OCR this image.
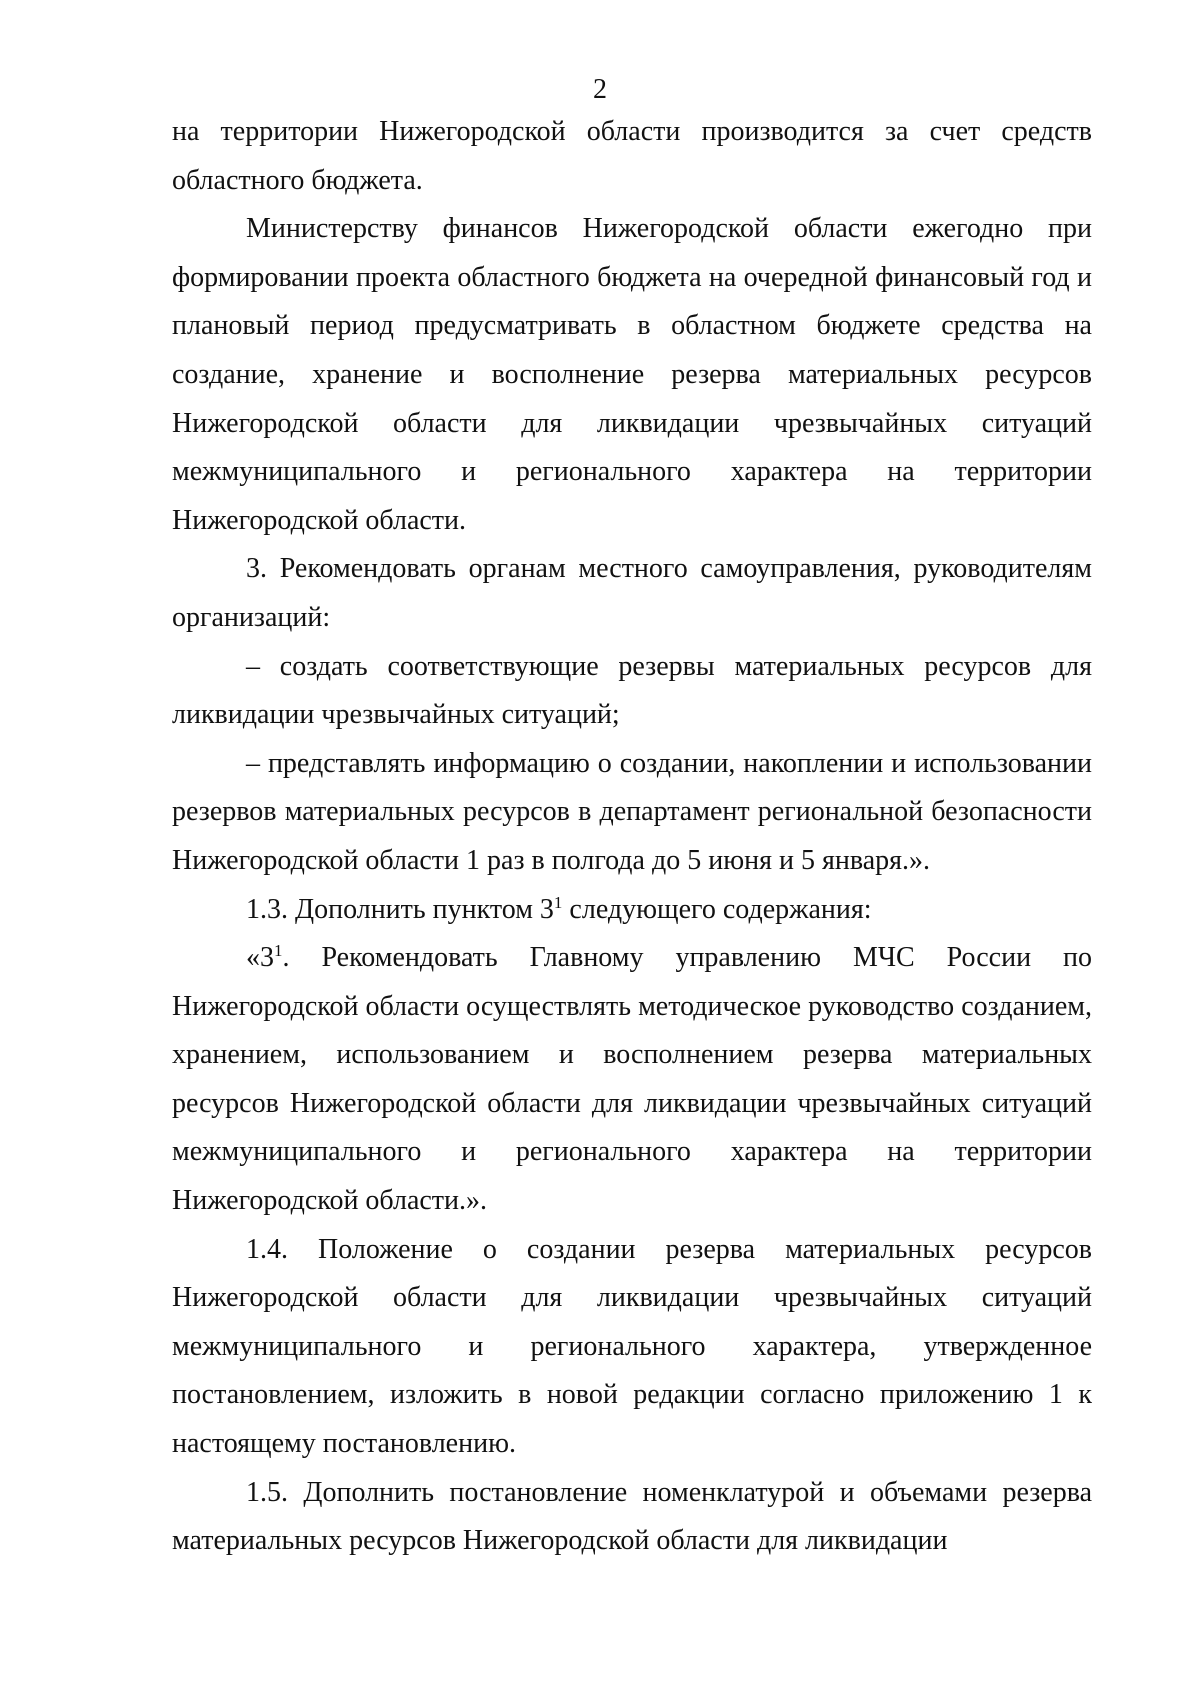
2

на территории Нижегородской области производится за счет средств областного бюджета.

Министерству финансов Нижегородской области ежегодно при формировании проекта областного бюджета на очередной финансовый год и плановый период предусматривать в областном бюджете средства на создание, хранение и восполнение резерва материальных ресурсов Нижегородской области для ликвидации чрезвычайных ситуаций межмуниципального и регионального характера на территории Нижегородской области.

3. Рекомендовать органам местного самоуправления, руководителям организаций:

– создать соответствующие резервы материальных ресурсов для ликвидации чрезвычайных ситуаций;

– представлять информацию о создании, накоплении и использовании резервов материальных ресурсов в департамент региональной безопасности Нижегородской области 1 раз в полгода до 5 июня и 5 января.».

1.3. Дополнить пунктом $3^1$ следующего содержания:

«$3^1$. Рекомендовать Главному управлению МЧС России по Нижегородской области осуществлять методическое руководство созданием, хранением, использованием и восполнением резерва материальных ресурсов Нижегородской области для ликвидации чрезвычайных ситуаций межмуниципального и регионального характера на территории Нижегородской области.».

1.4. Положение о создании резерва материальных ресурсов Нижегородской области для ликвидации чрезвычайных ситуаций межмуниципального и регионального характера, утвержденное постановлением, изложить в новой редакции согласно приложению 1 к настоящему постановлению.

1.5. Дополнить постановление номенклатурой и объемами резерва материальных ресурсов Нижегородской области для ликвидации
